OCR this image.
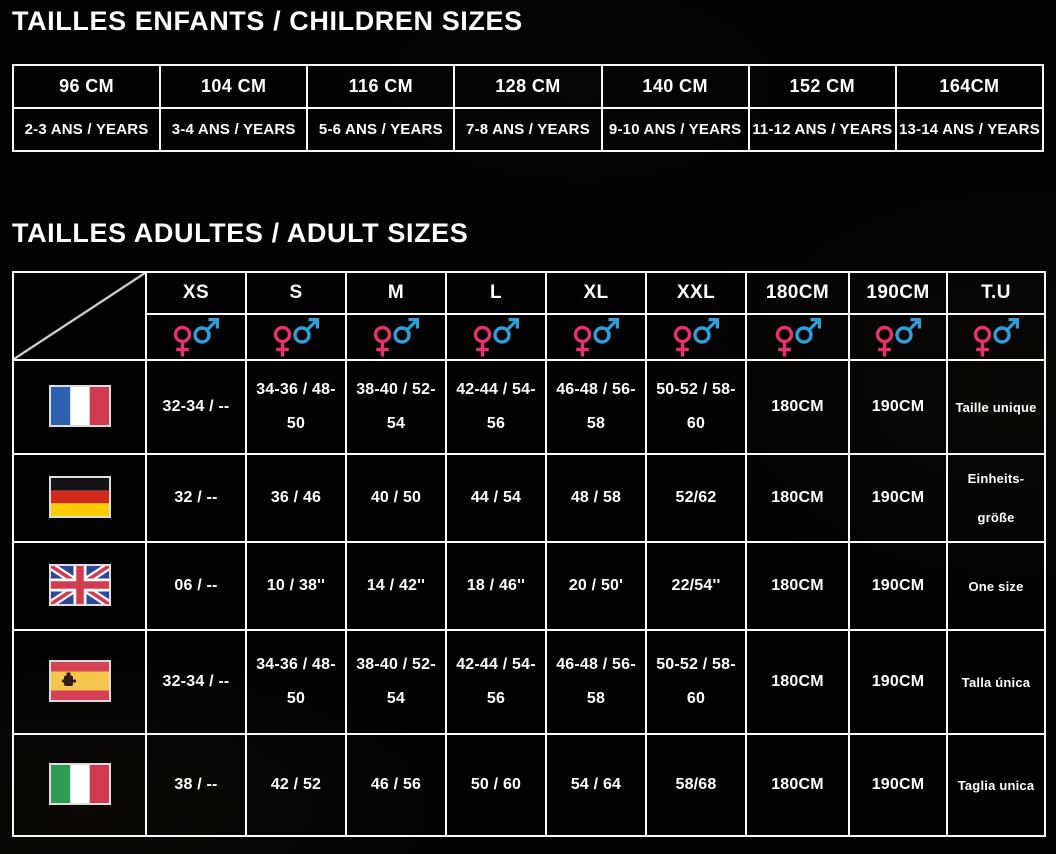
TAILLES ENFANTS / CHILDREN SIZES
96 CM	104 CM	116 CM	128 CM	140 CM	152 CM	164CM
2-3 ANS / YEARS	3-4 ANS / YEARS	5-6 ANS / YEARS	7-8 ANS / YEARS	9-10 ANS / YEARS	11-12 ANS / YEARS	13-14 ANS / YEARS
TAILLES ADULTES / ADULT SIZES
	XS	S	M	L	XL	XXL	180CM	190CM	T.U

	32-34 / --	34-36 / 48-50	38-40 / 52-54	42-44 / 54-56	46-48 / 56-58	50-52 / 58-60	180CM	190CM	Taille unique
	32 / --	36 / 46	40 / 50	44 / 54	48 / 58	52/62	180CM	190CM	Einheits-größe
	06 / --	10 / 38''	14 / 42''	18 / 46''	20 / 50'	22/54''	180CM	190CM	One size
	32-34 / --	34-36 / 48-50	38-40 / 52-54	42-44 / 54-56	46-48 / 56-58	50-52 / 58-60	180CM	190CM	Talla única
	38 / --	42 / 52	46 / 56	50 / 60	54 / 64	58/68	180CM	190CM	Taglia unica
